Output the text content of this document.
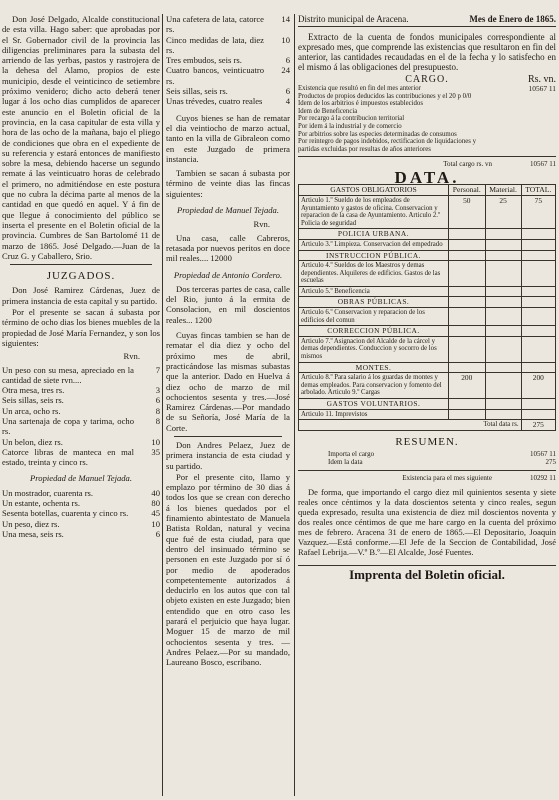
Don José Delgado, Alcalde constitucional de esta villa. Hago saber: que aprobadas por el Sr. Gobernador civil de la provincia las diligencias preliminares para la subasta del arriendo de las yerbas, pastos y rastrojera de la dehesa del Alamo, propios de este municipio, desde el veinticinco de setiembre próximo venidero; dicho acto deberá tener lugar á los ocho dias cumplidos de aparecer este anuncio en el Boletin oficial de la provincia, en la casa capitular de esta villa y hora de las ocho de la mañana, bajo el pliego de condiciones que obra en el expediente de su referencia y estará entonces de manifiesto sobre la mesa, debiendo hacerse un segundo remate á las veinticuatro horas de celebrado el primero, no admitiéndose en este postura que no cubra la décima parte al menos de la cantidad en que quedó en aquel. Y á fin de que llegue á conocimiento del público se inserta el presente en el Boletin oficial de la provincia. Cumbres de San Bartolomé 11 de marzo de 1865. José Delgado.—Juan de la Cruz G. y Caballero, Srio.

JUZGADOS.

Don José Ramirez Cárdenas, Juez de primera instancia de esta capital y su partido.

Por el presente se sacan á subasta por término de ocho dias los bienes muebles de la propiedad de José María Fernandez, y son los siguientes:

Rvn.
Un peso con su mesa, apreciado en la cantidad de siete rvn....
7
Otra mesa, tres rs.	3
Seis sillas, seis rs.	6
Un arca, ocho rs.	8
Una sartenaja de copa y tarima, ocho rs.
8
Un belon, diez rs.	10
Catorce libras de manteca en mal estado, treinta y cinco rs.
35
Propiedad de Manuel Tejada.
Un mostrador, cuarenta rs.	40
Un estante, ochenta rs.	80
Sesenta botellas, cuarenta y cinco rs.	45
Un peso, diez rs.	10
Una mesa, seis rs.	6
Una cafetera de lata, catorce rs.
14
Cinco medidas de lata, diez rs.
10
Tres embudos, seis rs.	6
Cuatro bancos, veinticuatro rs.
24
Seis sillas, seis rs.	6
Unas trévedes, cuatro reales	4

Cuyos bienes se han de rematar el dia veintiocho de marzo actual, tanto en la villa de Gibraleon como en este Juzgado de primera instancia.

Tambien se sacan á subasta por término de veinte dias las fincas siguientes:

Propiedad de Manuel Tejada.
Rvn.

Una casa, calle Cabreros, retasada por nuevos peritos en doce mil reales.... 12000

Propiedad de Antonio Cordero.

Dos terceras partes de casa, calle del Rio, junto á la ermita de Consolacion, en mil doscientos reales... 1200

Cuyas fincas tambien se han de rematar el dia diez y ocho del próximo mes de abril, practicándose las mismas subastas que la anterior. Dado en Huelva á diez ocho de marzo de mil ochocientos sesenta y tres.—José Ramirez Cárdenas.—Por mandado de su Señoría, José María de la Corte.

Don Andres Pelaez, Juez de primera instancia de esta ciudad y su partido.

Por el presente cito, llamo y emplazo por término de 30 dias á todos los que se crean con derecho á los bienes quedados por el finamiento abintestato de Manuela Batista Roldan, natural y vecina que fué de esta ciudad, para que dentro del insinuado término se personen en este Juzgado por sí ó por medio de apoderados competentemente autorizados á deducirlo en los autos que con tal objeto existen en este Juzgado; bien entendido que en otro caso les parará el perjuicio que haya lugar. Moguer 15 de marzo de mil ochocientos sesenta y tres. —Andres Pelaez.—Por su mandado, Laureano Bosco, escribano.

Distrito municipal de Aracena.	Mes de Enero de 1865.
Extracto de la cuenta de fondos municipales correspondiente al expresado mes, que comprende las existencias que resultaron en fin del anterior, las cantidades recaudadas en el de la fecha y lo satisfecho en el mismo á las obligaciones del presupuesto.
CARGO.	Rs. vn.
Existencia que resultó en fin del mes anterior	10567 11
Productos de propios deducidos las contribuciones y el 20 p 0/0
Idem de los arbitrios é impuestos establecidos
Idem de Beneficencia
Por recargo á la contribucion territorial
Por idem á la industrial y de comercio
Por arbitrios sobre las especies determinadas de consumos
Por reintegro de pagos indebidos, rectificacion de liquidaciones y
partidas excluidas por resultas de años anteriores
Total cargo rs. vn	10567 11
DATA.
GASTOS OBLIGATORIOS	Personal.	Material.	TOTAL.
Articulo 1.º Sueldo de los empleados de Ayuntamiento y gastos de oficina. Conservacion y reparacion de la casa de Ayuntamiento. Articulo 2.º Policia de seguridad	50	25	75
POLICIA URBANA.			
Articulo 3.º Limpieza. Conservacion del empedrado			
INSTRUCCION PÚBLICA.			
Articulo 4.º Sueldos de los Maestros y demas dependientes. Alquileres de edificios. Gastos de las escuelas			
Articulo 5.º Beneficencia			
OBRAS PÚBLICAS.			
Articulo 6.º Conservacion y reparacion de los edificios del comun			
CORRECCION PÚBLICA.			
Articulo 7.º Asignacion del Alcalde de la cárcel y demas dependientes. Conduccion y socorro de los mismos			
MONTES.			
Articulo 8.º Para salario á los guardas de montes y demas empleados. Para conservacion y fomento del arbolado. Articulo 9.º Cargas	200		200
GASTOS VOLUNTARIOS.			
Articulo 11. Imprevistos			
Total data rs.			275
RESUMEN.
Importa el cargo	10567 11
Idem la data	275
Existencia para el mes siguiente	10292 11
De forma, que importando el cargo diez mil quinientos sesenta y siete reales once céntimos y la data doscientos setenta y cinco reales, segun queda expresado, resulta una existencia de diez mil doscientos noventa y dos reales once céntimos de que me hare cargo en la cuenta del próximo mes de febrero. Aracena 31 de enero de 1865.—El Depositario, Joaquin Vazquez.—Está conforme.—El Jefe de la Seccion de Contabilidad, José Rafael Lebrija.—V.º B.º—El Alcalde, José Fuentes.
Imprenta del Boletin oficial.
